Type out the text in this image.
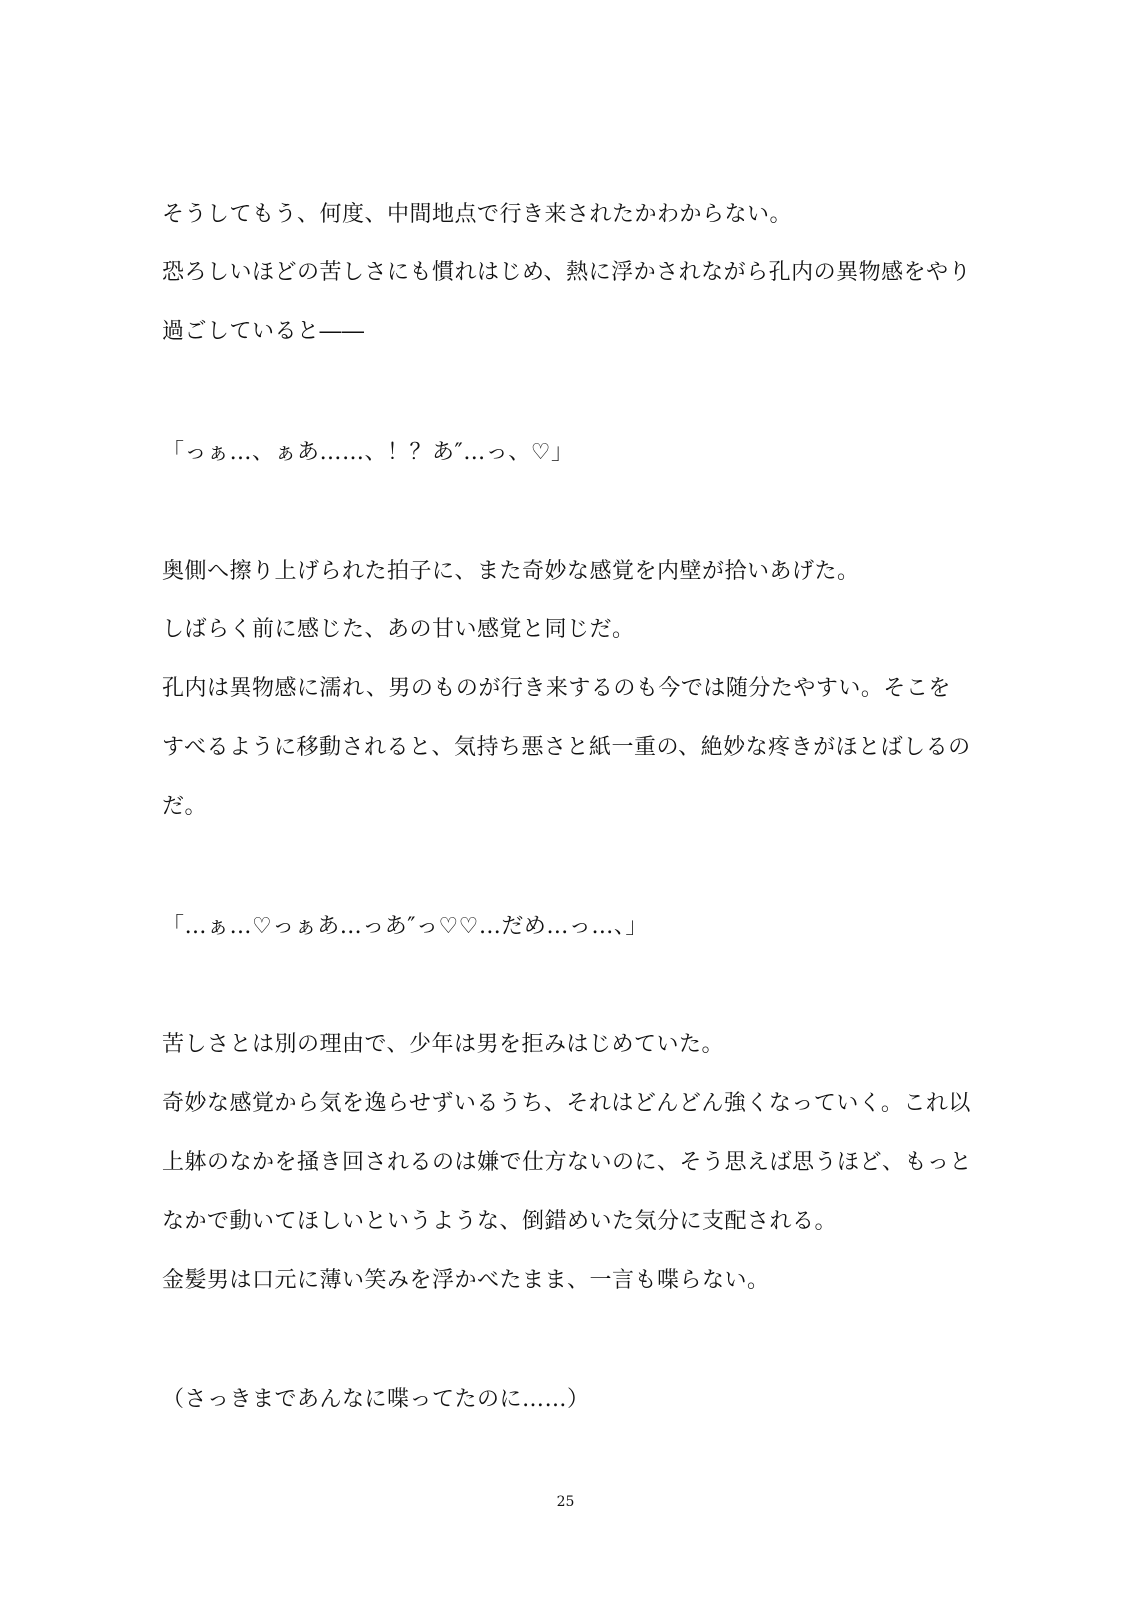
そうしてもう、何度、中間地点で行き来されたかわからない。
恐ろしいほどの苦しさにも慣れはじめ、熱に浮かされながら孔内の異物感をやり
過ごしていると――
「っぁ…、ぁあ……、！？あ″…っ、♡」
奥側へ擦り上げられた拍子に、また奇妙な感覚を内壁が拾いあげた。
しばらく前に感じた、あの甘い感覚と同じだ。
孔内は異物感に濡れ、男のものが行き来するのも今では随分たやすい。そこを
すべるように移動されると、気持ち悪さと紙一重の、絶妙な疼きがほとばしるの
だ。
「…ぁ…♡っぁあ…っあ″っ♡♡…だめ…っ…、」
苦しさとは別の理由で、少年は男を拒みはじめていた。
奇妙な感覚から気を逸らせずいるうち、それはどんどん強くなっていく。これ以
上躰のなかを掻き回されるのは嫌で仕方ないのに、そう思えば思うほど、もっと
なかで動いてほしいというような、倒錯めいた気分に支配される。
金髪男は口元に薄い笑みを浮かべたまま、一言も喋らない。
（さっきまであんなに喋ってたのに……）
25
